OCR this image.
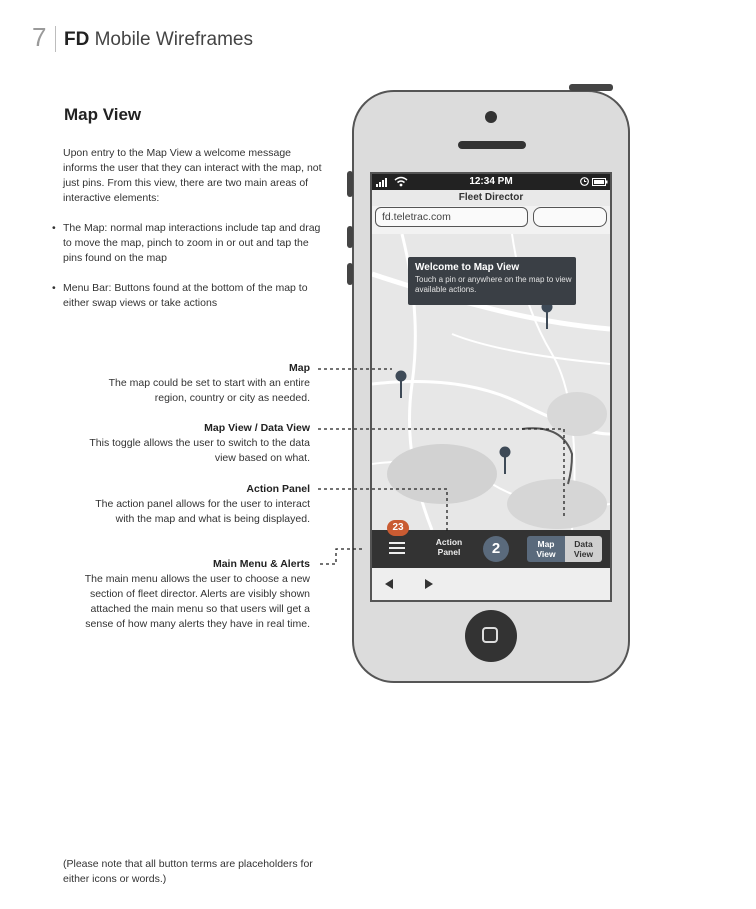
7 FD Mobile Wireframes
Map View
Upon entry to the Map View a welcome message informs the user that they can interact with the map, not just pins. From this view, there are two main areas of interactive elements:
• The Map: normal map interactions include tap and drag to move the map, pinch to zoom in or out and tap the pins found on the map
• Menu Bar: Buttons found at the bottom of the map to either swap views or take actions
Map
The map could be set to start with an entire region, country or city as needed.
Map View / Data View
This toggle allows the user to switch to the data view based on what.
Action Panel
The action panel allows for the user to interact with the map and what is being displayed.
Main Menu & Alerts
The main menu allows the user to choose a new section of fleet director. Alerts are visibly shown attached the main menu so that users will get a sense of how many alerts they have in real time.
(Please note that all button terms are placeholders for either icons or words.)
12:34 PM
Fleet Director
fd.teletrac.com
Welcome to Map View
Touch a pin or anywhere on the map to view available actions.
Action
Panel	2	Map
View
Data
View
23
